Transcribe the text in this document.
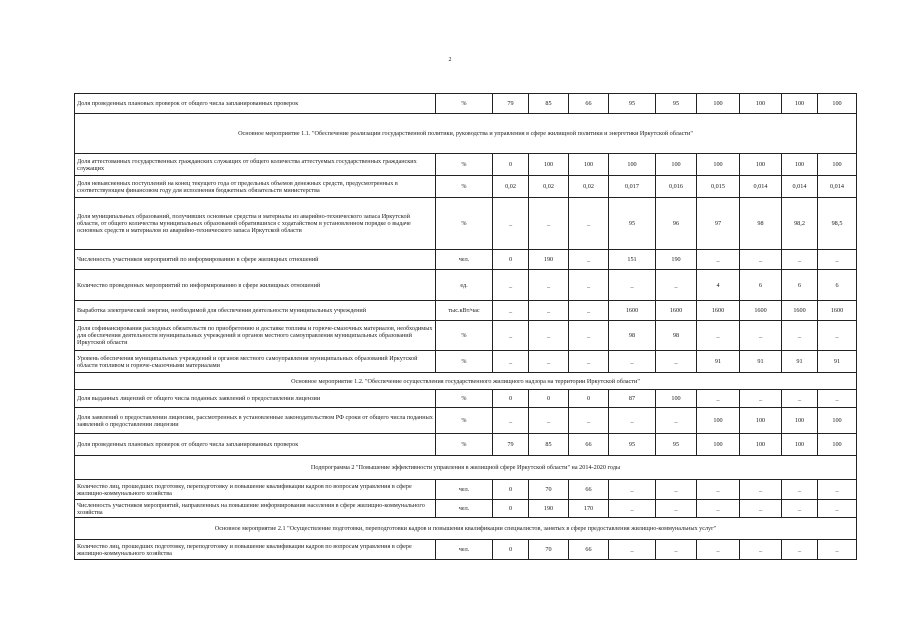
2
Доля проведенных плановых проверок от общего числа запланированных проверок	%	79	85	66	95	95	100	100	100	100
Основное мероприятие 1.1. "Обеспечение реализации государственной политики, руководства и управления в сфере жилищной политики и энергетики Иркутской области"										
Доля аттестованных государственных гражданских служащих от общего количества аттестуемых государственных гражданских служащих	%	0	100	100	100	100	100	100	100	100
Доля невыясненных поступлений на конец текущего года от предельных объемов денежных средств, предусмотренных в соответствующем финансовом году для исполнения бюджетных обязательств министерства	%	0,02	0,02	0,02	0,017	0,016	0,015	0,014	0,014	0,014
Доля муниципальных образований, получивших основные средства и материалы из аварийно-технического запаса Иркутской области, от общего количества муниципальных образований обратившихся с ходатайством в установленном порядке о выдаче основных средств и материалов из аварийно-технического запаса Иркутской области	%	_	_	_	95	96	97	98	98,2	98,5
Численность участников мероприятий по информированию в сфере жилищных отношений	чел.	0	190	_	151	190	_	_	_	_
Количество проведенных мероприятий по информированию в сфере жилищных отношений	ед.	_	_	_	_	_	4	6	6	6
Выработка электрической энергии, необходимой для обеспечения деятельности муниципальных учреждений	тыс.кВт/час	_	_	_	1600	1600	1600	1600	1600	1600
Доля софинансирования расходных обязательств по приобретению и доставке топлива и горюче-смазочных материалов, необходимых для обеспечения деятельности муниципальных учреждений и органов местного самоуправления муниципальных образований Иркутской области	%	_	_	_	98	98	_	_	_	_
Уровень обеспечения муниципальных учреждений и органов местного самоуправления муниципальных образований Иркутской области топливом и горюче-смазочными материалами	%	_	_	_	_	_	91	91	91	91
Основное мероприятие 1.2. "Обеспечение осуществления государственного жилищного надзора на территории Иркутской области"										
Доля выданных лицензий от общего числа поданных заявлений о предоставлении лицензии	%	0	0	0	87	100	_	_	_	_
Доля заявлений о предоставлении лицензии, рассмотренных в установленные законодательством РФ сроки от общего числа поданных заявлений о предоставлении лицензии	%	_	_	_	_	_	100	100	100	100
Доля проведенных плановых проверок от общего числа запланированных проверок	%	79	85	66	95	95	100	100	100	100
Подпрограмма 2 "Повышение эффективности управления в жилищной сфере Иркутской области" на 2014-2020 годы										
Количество лиц, прошедших подготовку, переподготовку и повышение квалификации кадров по вопросам управления в сфере жилищно-коммунального хозяйства	чел.	0	70	66	_	_	_	_	_	_
Численность участников мероприятий, направленных на повышение информирования населения в сфере жилищно-коммунального хозяйства	чел.	0	190	170	_	_	_	_	_	_
Основное мероприятие 2.1 "Осуществление подготовки, переподготовки кадров и повышения квалификации специалистов, занятых в сфере предоставления жилищно-коммунальных услуг"										
Количество лиц, прошедших подготовку, переподготовку и повышение квалификации кадров по вопросам управления в сфере жилищно-коммунального хозяйства	чел.	0	70	66	_	_	_	_	_	_
